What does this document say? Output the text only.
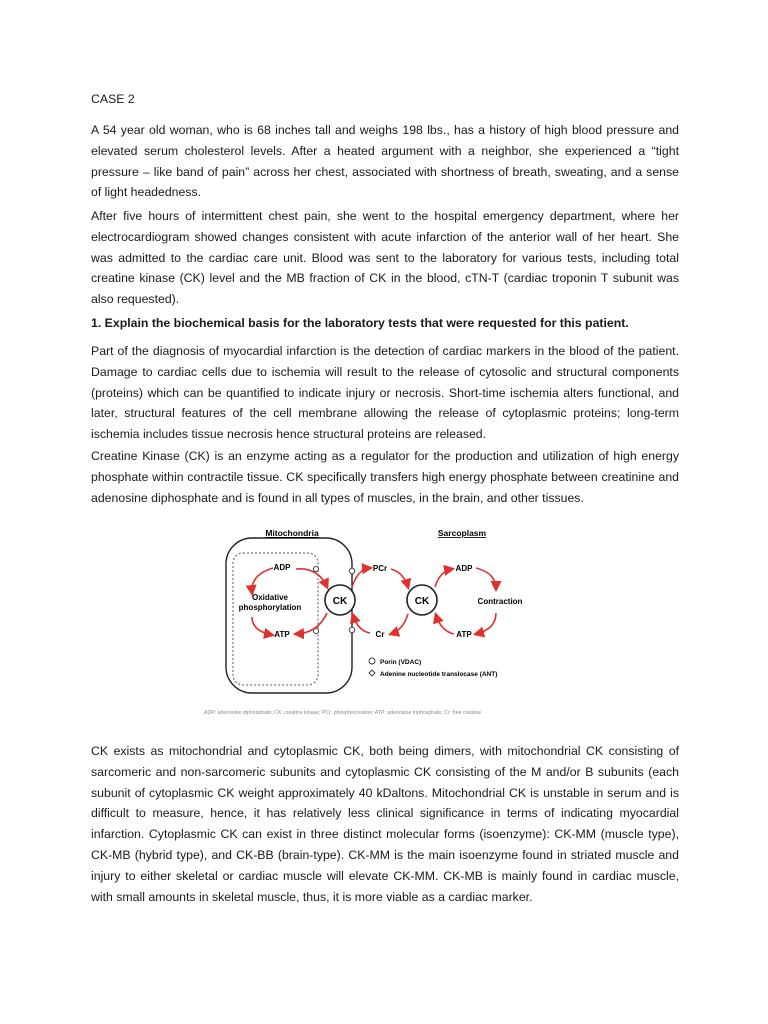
CASE 2

A 54 year old woman, who is 68 inches tall and weighs 198 lbs., has a history of high blood pressure and elevated serum cholesterol levels. After a heated argument with a neighbor, she experienced a “tight pressure – like band of pain” across her chest, associated with shortness of breath, sweating, and a sense of light headedness.

After five hours of intermittent chest pain, she went to the hospital emergency department, where her electrocardiogram showed changes consistent with acute infarction of the anterior wall of her heart. She was admitted to the cardiac care unit. Blood was sent to the laboratory for various tests, including total creatine kinase (CK) level and the MB fraction of CK in the blood, cTN-T (cardiac troponin T subunit was also requested).

1. Explain the biochemical basis for the laboratory tests that were requested for this patient.

Part of the diagnosis of myocardial infarction is the detection of cardiac markers in the blood of the patient. Damage to cardiac cells due to ischemia will result to the release of cytosolic and structural components (proteins) which can be quantified to indicate injury or necrosis. Short-time ischemia alters functional, and later, structural features of the cell membrane allowing the release of cytoplasmic proteins; long-term ischemia includes tissue necrosis hence structural proteins are released.

Creatine Kinase (CK) is an enzyme acting as a regulator for the production and utilization of high energy phosphate within contractile tissue. CK specifically transfers high energy phosphate between creatinine and adenosine diphosphate and is found in all types of muscles, in the brain, and other tissues.

Mitochondria	Sarcoplasm
ADP
Oxidative
phosphorylation
ATP
CK
PCr
Cr
CK
ADP
ATP
Contraction
Porin (VDAC)
Adenine nucleotide translocase (ANT)
ADP: adenosine diphosphate; CK: creatine kinase; PCr: phosphocreatine; ATP: adenosine triphosphate; Cr: free creatine

CK exists as mitochondrial and cytoplasmic CK, both being dimers, with mitochondrial CK consisting of sarcomeric and non-sarcomeric subunits and cytoplasmic CK consisting of the M and/or B subunits (each subunit of cytoplasmic CK weight approximately 40 kDaltons. Mitochondrial CK is unstable in serum and is difficult to measure, hence, it has relatively less clinical significance in terms of indicating myocardial infarction. Cytoplasmic CK can exist in three distinct molecular forms (isoenzyme): CK-MM (muscle type), CK-MB (hybrid type), and CK-BB (brain-type). CK-MM is the main isoenzyme found in striated muscle and injury to either skeletal or cardiac muscle will elevate CK-MM. CK-MB is mainly found in cardiac muscle, with small amounts in skeletal muscle, thus, it is more viable as a cardiac marker.
